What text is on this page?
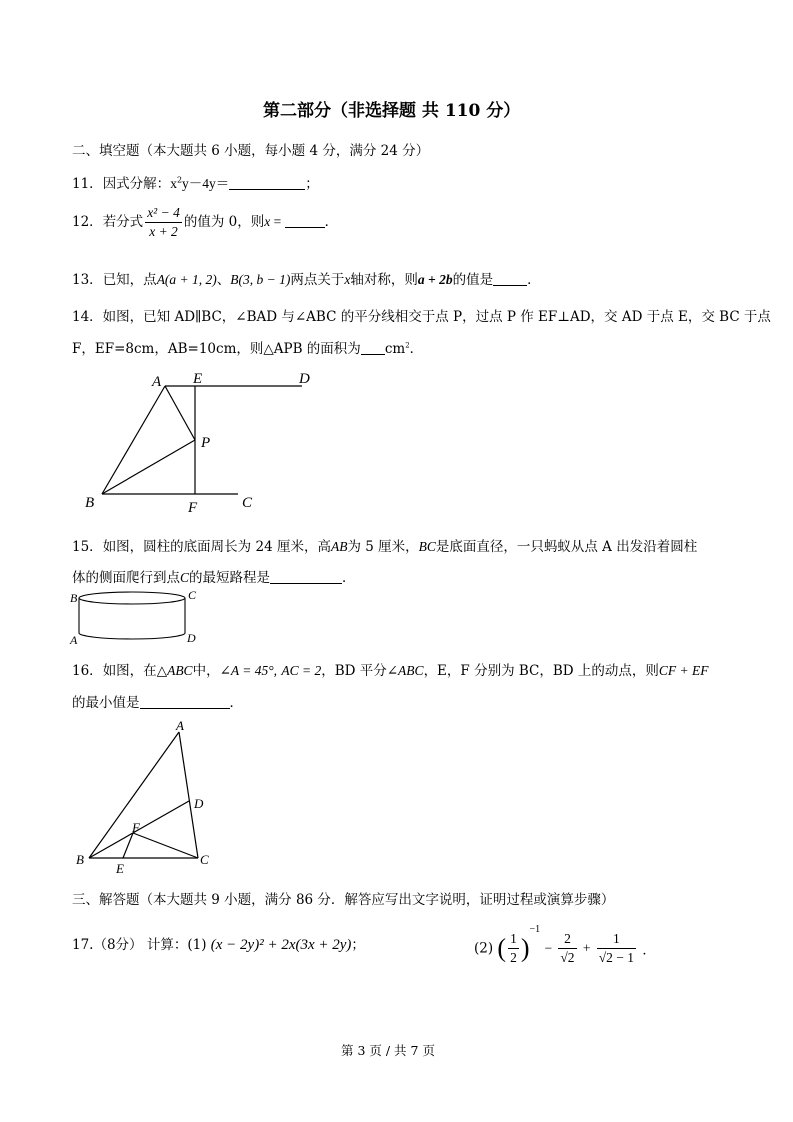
第二部分（非选择题 共 110 分）
二、填空题（本大题共 6 小题，每小题 4 分，满分 24 分）
11．因式分解：$x^2y-4y=$	；
12．若分式 $\frac{\text{x² − 4}}{x + 2}$ 的值为 0，则x =	．
13．已知，点A(a + 1, 2)、B(3, b − 1)两点关于x轴对称，则a + 2b的值是	．
14．如图，已知 AD∥BC，∠BAD 与∠ABC 的平分线相交于点 P，过点 P 作 EF⊥AD，交 AD 于点 E，交 BC 于点
F，EF=8cm，AB=10cm，则△APB 的面积为 $cm^2$．
A E	D
P
B	F	C
15．如图，圆柱的底面周长为 24 厘米，高AB为 5 厘米，BC是底面直径，一只蚂蚁从点 A 出发沿着圆柱
体的侧面爬行到点C的最短路程是	．
B	C
A	D
16．如图，在△ABC中，∠A = 45°, AC = 2，BD 平分∠ABC，E，F 分别为 BC，BD 上的动点，则CF + EF
的最小值是	．
A
D
F
B
E
C
三、解答题（本大题共 9 小题，满分 86 分．解答应写出文字说明，证明过程或演算步骤）
17.（8分） 计算：(1) (x − 2y)² + 2x(3x + 2y)；	(2) ( $\frac{1}{2} )^{-1} - \frac{2}{√2} + \frac{1}{√2 - 1}$ ．
第 3 页 / 共 7 页
